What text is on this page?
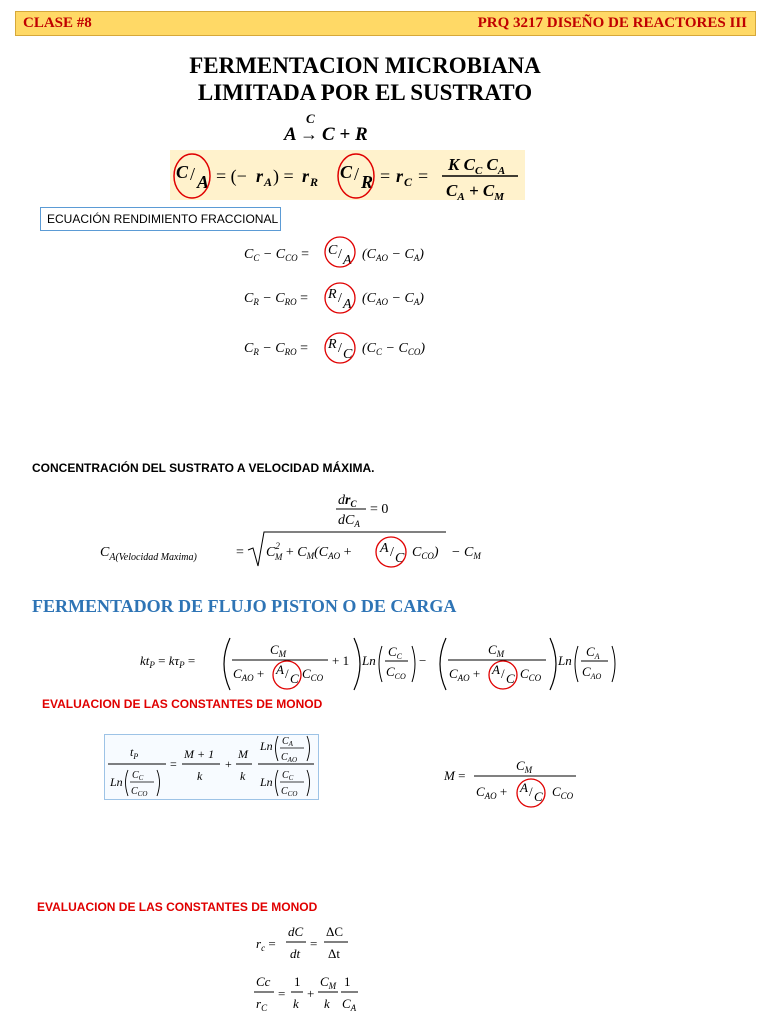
CLASE #8	PRQ 3217 DISEÑO DE REACTORES III
FERMENTACION MICROBIANA
LIMITADA POR EL SUSTRATO
A
C
→ C + R
C / A = (− r A ) = r R C / R = r C =
K $C_C$ $C_A$
$C_A + C_M$
ECUACIÓN RENDIMIENTO FRACCIONAL
$C_C - C_{CO} = C / A$ $(C_{AO} - C_A)$
$C_R - C_{RO} = R / A$ $(C_{AO} - C_A)$
$C_R - C_{RO} = R / C$ $(C_C - C_{CO})$
CONCENTRACIÓN DEL SUSTRATO A VELOCIDAD MÁXIMA.
$dr_C$
$dC_A$
= 0
$C_{A(Velocidad Maxima)}$	= $C^2$ $M + C_M(C_{AO} + A / C$ $C_{CO}) - C_M$
FERMENTADOR DE FLUJO PISTON O DE CARGA
$kt_P = k\tau_P$ =
$C_M$
$C_{AO} + A / C$ $C_{CO}$
+ 1 Ln
$C_C$
$C_{CO}$
−
$C_M$
$C_{AO} + A / C$ $C_{CO}$
Ln
$C_A$
$C_{AO}$
EVALUACION DE LAS CONSTANTES DE MONOD
$t_P$
Ln $C_C$
$C_{CO}$
=
M + 1
k
+
M
k
Ln $C_A$
$C_{AO}$
Ln $C_C$
$C_{CO}$
M =
$C_M$
$C_{AO} + A / C$ $C_{CO}$
EVALUACION DE LAS CONSTANTES DE MONOD
$r_c$ =
dC
dt
=
ΔC
Δt
Cc
$r_C$
=
1
k
+
$C_M$
k
1
$C_A$
